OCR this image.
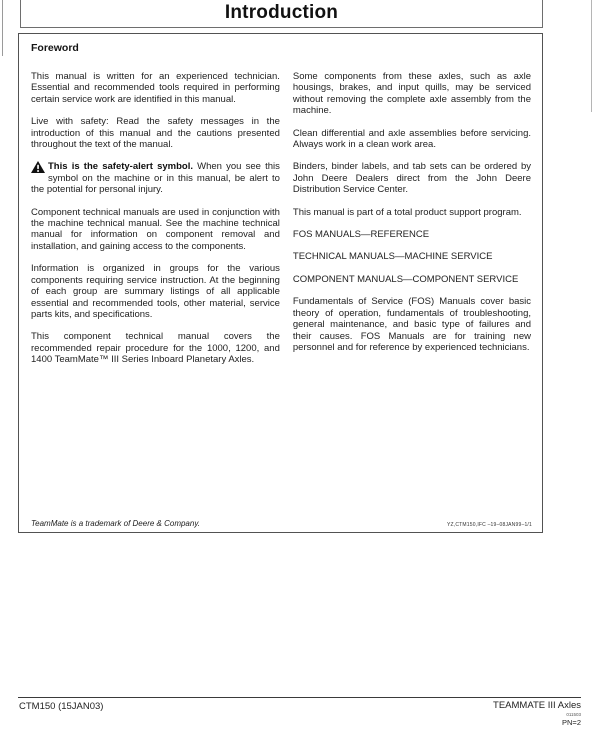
Introduction
Foreword

This manual is written for an experienced technician. Essential and recommended tools required in performing certain service work are identified in this manual.

Live with safety: Read the safety messages in the introduction of this manual and the cautions presented throughout the text of the manual.

This is the safety-alert symbol. When you see this symbol on the machine or in this manual, be alert to the potential for personal injury.

Component technical manuals are used in conjunction with the machine technical manual. See the machine technical manual for information on component removal and installation, and gaining access to the components.

Information is organized in groups for the various components requiring service instruction. At the beginning of each group are summary listings of all applicable essential and recommended tools, other material, service parts kits, and specifications.

This component technical manual covers the recommended repair procedure for the 1000, 1200, and 1400 TeamMate™ III Series Inboard Planetary Axles.

Some components from these axles, such as axle housings, brakes, and input quills, may be serviced without removing the complete axle assembly from the machine.

Clean differential and axle assemblies before servicing. Always work in a clean work area.

Binders, binder labels, and tab sets can be ordered by John Deere Dealers direct from the John Deere Distribution Service Center.

This manual is part of a total product support program.

FOS MANUALS—REFERENCE

TECHNICAL MANUALS—MACHINE SERVICE

COMPONENT MANUALS—COMPONENT SERVICE

Fundamentals of Service (FOS) Manuals cover basic theory of operation, fundamentals of troubleshooting, general maintenance, and basic type of failures and their causes. FOS Manuals are for training new personnel and for reference by experienced technicians.

TeamMate is a trademark of Deere & Company.	YZ,CTM150,IFC –19–08JAN99–1/1
CTM150 (15JAN03)	TEAMMATE III Axles
011503
PN=2
